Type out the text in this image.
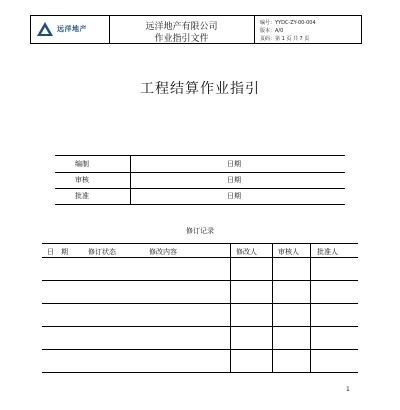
远洋地产	远洋地产有限公司
作业指引文件
编号：YYDC-ZY-00-004
版本：A/0
页码：第 1 页 共 7 页
工程结算作业指引
编制	日期
审核	日期
批准	日期
修订记录
日　期	修订状态	修改内容	修改人	审核人	批准人
1
